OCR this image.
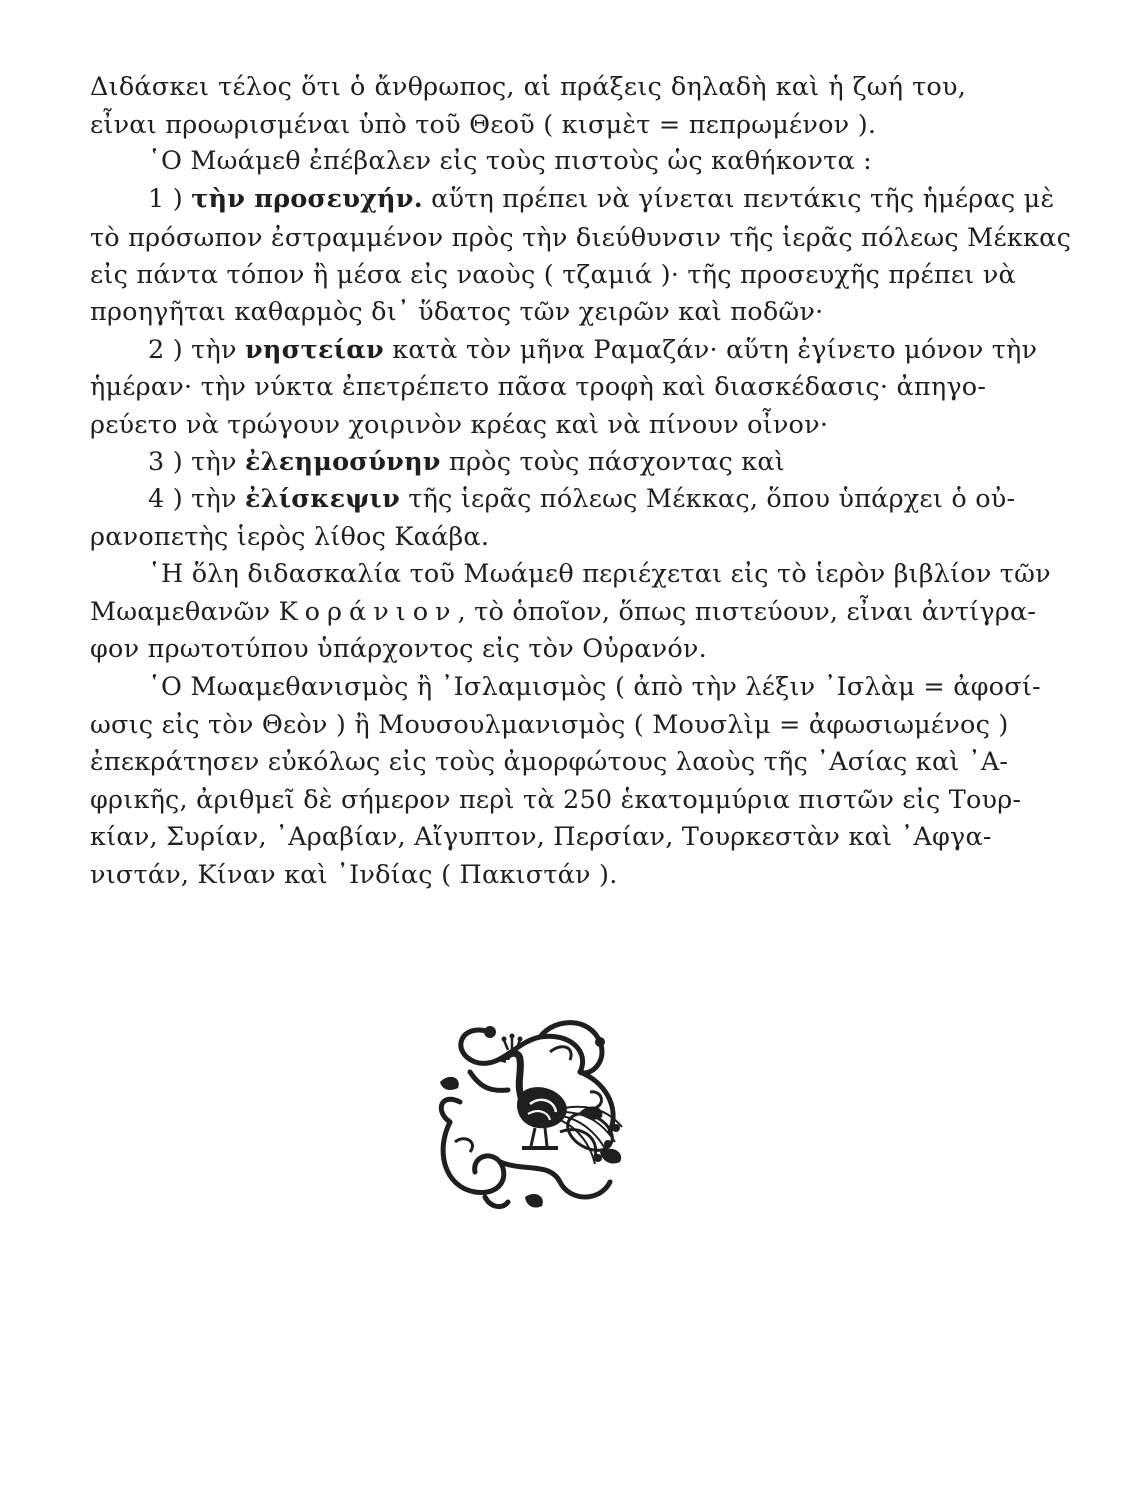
Διδάσκει τέλος ὅτι ὁ ἄνθρωπος, αἱ πράξεις δηλαδὴ καὶ ἡ ζωή του,
εἶναι προωρισμέναι ὑπὸ τοῦ Θεοῦ ( κισμὲτ = πεπρωμένον ).
῾Ο Μωάμεθ ἐπέβαλεν εἰς τοὺς πιστοὺς ὡς καθήκοντα :
1 ) τὴν προσευχήν. αὕτη πρέπει νὰ γίνεται πεντάκις τῆς ἡμέρας μὲ
τὸ πρόσωπον ἐστραμμένον πρὸς τὴν διεύθυνσιν τῆς ἱερᾶς πόλεως Μέκκας
εἰς πάντα τόπον ἢ μέσα εἰς ναοὺς ( τζαμιά )· τῆς προσευχῆς πρέπει νὰ
προηγῆται καθαρμὸς δι᾿ ὕδατος τῶν χειρῶν καὶ ποδῶν·
2 ) τὴν νηστείαν κατὰ τὸν μῆνα Ραμαζάν· αὕτη ἐγίνετο μόνον τὴν
ἡμέραν· τὴν νύκτα ἐπετρέπετο πᾶσα τροφὴ καὶ διασκέδασις· ἀπηγο-
ρεύετο νὰ τρώγουν χοιρινὸν κρέας καὶ νὰ πίνουν οἶνον·
3 ) τὴν ἐλεημοσύνην πρὸς τοὺς πάσχοντας καὶ
4 ) τὴν ἐλίσκεψιν τῆς ἱερᾶς πόλεως Μέκκας, ὅπου ὑπάρχει ὁ οὐ-
ρανοπετὴς ἱερὸς λίθος Καάβα.
῾Η ὅλη διδασκαλία τοῦ Μωάμεθ περιέχεται εἰς τὸ ἱερὸν βιβλίον τῶν
Μωαμεθανῶν Κοράνιον, τὸ ὁποῖον, ὅπως πιστεύουν, εἶναι ἀντίγρα-
φον πρωτοτύπου ὑπάρχοντος εἰς τὸν Οὐρανόν.
῾Ο Μωαμεθανισμὸς ἢ ᾿Ισλαμισμὸς ( ἀπὸ τὴν λέξιν ᾿Ισλὰμ = ἀφοσί-
ωσις εἰς τὸν Θεὸν ) ἢ Μουσουλμανισμὸς ( Μουσλὶμ = ἀφωσιωμένος )
ἐπεκράτησεν εὐκόλως εἰς τοὺς ἀμορφώτους λαοὺς τῆς ᾿Ασίας καὶ ᾿Α-
φρικῆς, ἀριθμεῖ δὲ σήμερον περὶ τὰ 250 ἑκατομμύρια πιστῶν εἰς Τουρ-
κίαν, Συρίαν, ᾿Αραβίαν, Αἴγυπτον, Περσίαν, Τουρκεστὰν καὶ ᾿Αφγα-
νιστάν, Κίναν καὶ ᾿Ινδίας ( Πακιστάν ).
